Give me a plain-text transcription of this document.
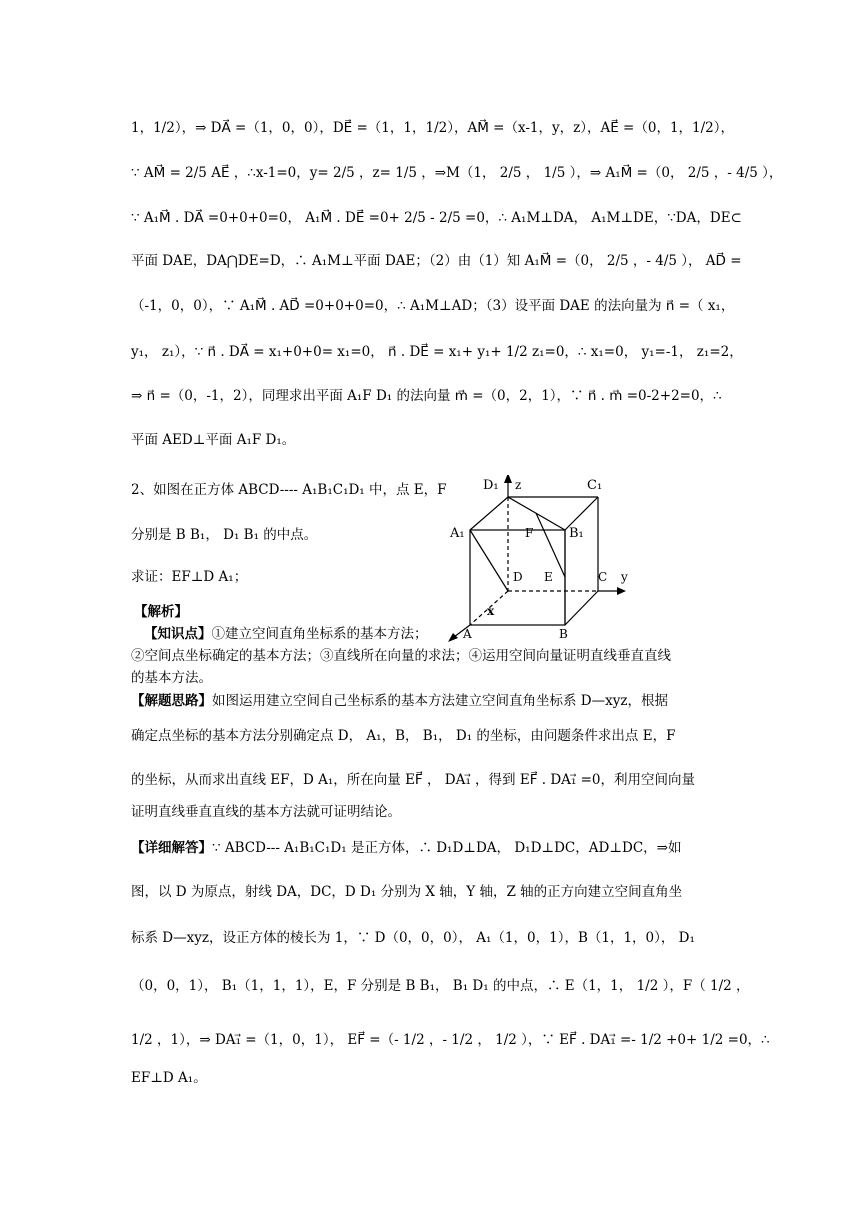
1，1/2），⇒ DA⃗ =（1，0，0），DE⃗ =（1，1，1/2），AM⃗ =（x-1，y，z），AE⃗ =（0，1，1/2），
∵ AM⃗ = 2/5 AE⃗ ，∴x-1=0，y= 2/5 ，z= 1/5 ，⇒M（1， 2/5 ， 1/5 ），⇒ A₁M⃗ =（0， 2/5 ，- 4/5 ），
∵ A₁M⃗ . DA⃗ =0+0+0=0， A₁M⃗ . DE⃗ =0+ 2/5 - 2/5 =0，∴ A₁M⊥DA， A₁M⊥DE，∵DA，DE⊂
平面 DAE，DA⋂DE=D，∴ A₁M⊥平面 DAE；（2）由（1）知 A₁M⃗ =（0， 2/5 ，- 4/5 ）， AD⃗ =
（-1，0，0），∵ A₁M⃗ . AD⃗ =0+0+0=0，∴ A₁M⊥AD；（3）设平面 DAE 的法向量为 n⃗ =（ x₁，
y₁， z₁），∵ n⃗ . DA⃗ = x₁+0+0= x₁=0， n⃗ . DE⃗ = x₁+ y₁+ 1/2 z₁=0，∴ x₁=0， y₁=-1， z₁=2，
⇒ n⃗ =（0，-1，2），同理求出平面 A₁F D₁ 的法向量 m⃗ =（0，2，1），∵ n⃗ . m⃗ =0-2+2=0，∴
平面 AED⊥平面 A₁F D₁。
2、如图在正方体 ABCD---- A₁B₁C₁D₁ 中，点 E，F
分别是 B B₁， D₁ B₁ 的中点。
求证：EF⊥D A₁；
【解析】
【知识点】①建立空间直角坐标系的基本方法；
②空间点坐标确定的基本方法；③直线所在向量的求法；④运用空间向量证明直线垂直直线
的基本方法。
【解题思路】如图运用建立空间自己坐标系的基本方法建立空间直角坐标系 D—xyz，根据
确定点坐标的基本方法分别确定点 D， A₁，B， B₁， D₁ 的坐标，由问题条件求出点 E，F
的坐标，从而求出直线 EF，D A₁，所在向量 EF⃗ ， DA₁⃗ ，得到 EF⃗ . DA₁⃗ =0，利用空间向量
证明直线垂直直线的基本方法就可证明结论。
【详细解答】∵ ABCD--- A₁B₁C₁D₁ 是正方体，∴ D₁D⊥DA， D₁D⊥DC，AD⊥DC，⇒如
图，以 D 为原点，射线 DA，DC，D D₁ 分别为 X 轴，Y 轴，Z 轴的正方向建立空间直角坐
标系 D—xyz，设正方体的棱长为 1，∵ D（0，0，0）， A₁（1，0，1），B（1，1，0）， D₁
（0，0，1）， B₁（1，1，1），E，F 分别是 B B₁， B₁ D₁ 的中点，∴ E（1，1， 1/2 ），F（ 1/2 ，
1/2 ，1），⇒ DA₁⃗ =（1，0，1）， EF⃗ =（- 1/2 ，- 1/2 ， 1/2 ），∵ EF⃗ . DA₁⃗ =- 1/2 +0+ 1/2 =0，∴
EF⊥D A₁。
D₁ z	C₁
A₁	F	B₁
D E	C y
x
A	B
